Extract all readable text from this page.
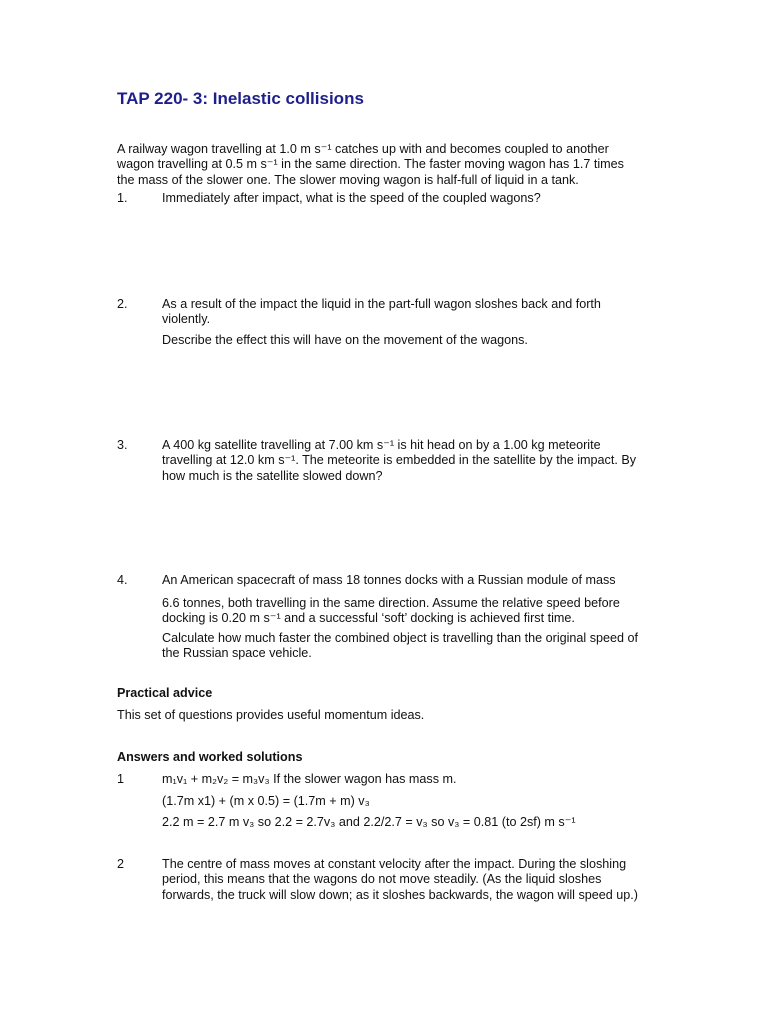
TAP 220- 3: Inelastic collisions
A railway wagon travelling at 1.0 m s⁻¹ catches up with and becomes coupled to another
wagon travelling at 0.5 m s⁻¹ in the same direction. The faster moving wagon has 1.7 times
the mass of the slower one. The slower moving wagon is half-full of liquid in a tank.
1.	Immediately after impact, what is the speed of the coupled wagons?
2.	As a result of the impact the liquid in the part-full wagon sloshes back and forth
violently.
Describe the effect this will have on the movement of the wagons.
3.	A 400 kg satellite travelling at 7.00 km s⁻¹ is hit head on by a 1.00 kg meteorite
travelling at 12.0 km s⁻¹. The meteorite is embedded in the satellite by the impact. By
how much is the satellite slowed down?
4.	An American spacecraft of mass 18 tonnes docks with a Russian module of mass
6.6 tonnes, both travelling in the same direction. Assume the relative speed before
docking is 0.20 m s⁻¹ and a successful ‘soft’ docking is achieved first time.
Calculate how much faster the combined object is travelling than the original speed of
the Russian space vehicle.
Practical advice
This set of questions provides useful momentum ideas.
Answers and worked solutions
1	m₁v₁ + m₂v₂ = m₃v₃ If the slower wagon has mass m.
(1.7m x1) + (m x 0.5) = (1.7m + m) v₃
2.2 m = 2.7 m v₃ so 2.2 = 2.7v₃ and 2.2/2.7 = v₃ so v₃ = 0.81 (to 2sf) m s⁻¹
2	The centre of mass moves at constant velocity after the impact. During the sloshing
period, this means that the wagons do not move steadily. (As the liquid sloshes
forwards, the truck will slow down; as it sloshes backwards, the wagon will speed up.)
